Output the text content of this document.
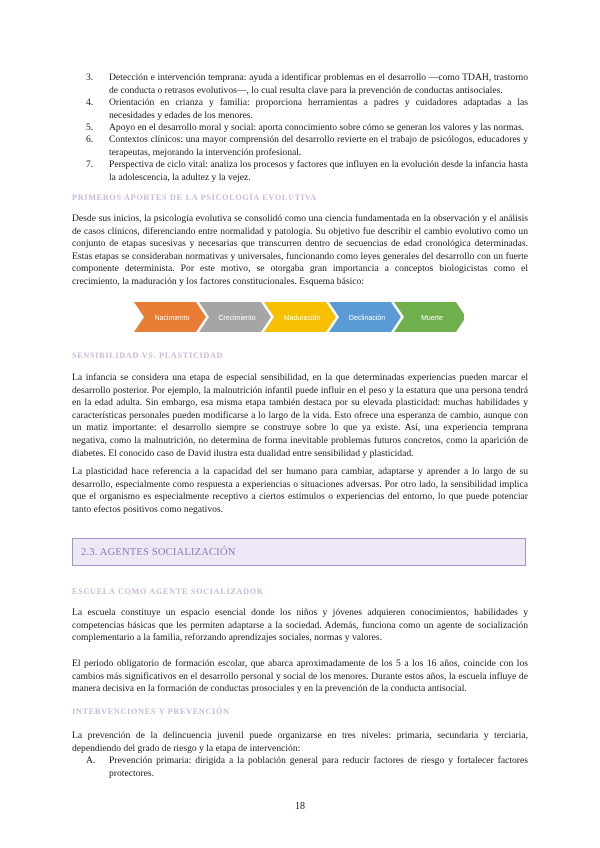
3. Detección e intervención temprana: ayuda a identificar problemas en el desarrollo —como TDAH, trastorno de conducta o retrasos evolutivos—, lo cual resulta clave para la prevención de conductas antisociales.
4. Orientación en crianza y familia: proporciona herramientas a padres y cuidadores adaptadas a las necesidades y edades de los menores.
5. Apoyo en el desarrollo moral y social: aporta conocimiento sobre cómo se generan los valores y las normas.
6. Contextos clínicos: una mayor comprensión del desarrollo revierte en el trabajo de psicólogos, educadores y terapeutas, mejorando la intervención profesional.
7. Perspectiva de ciclo vital: analiza los procesos y factores que influyen en la evolución desde la infancia hasta la adolescencia, la adultez y la vejez.
PRIMEROS APORTES DE LA PSICOLOGÍA EVOLUTIVA

Desde sus inicios, la psicología evolutiva se consolidó como una ciencia fundamentada en la observación y el análisis de casos clínicos, diferenciando entre normalidad y patología. Su objetivo fue describir el cambio evolutivo como un conjunto de etapas sucesivas y necesarias que transcurren dentro de secuencias de edad cronológica determinadas. Estas etapas se consideraban normativas y universales, funcionando como leyes generales del desarrollo con un fuerte componente determinista. Por este motivo, se otorgaba gran importancia a conceptos biologicistas como el crecimiento, la maduración y los factores constitucionales. Esquema básico:

Nacimiento	Crecimiento	Maduración	Declinación	Muerte
SENSIBILIDAD VS. PLASTICIDAD

La infancia se considera una etapa de especial sensibilidad, en la que determinadas experiencias pueden marcar el desarrollo posterior. Por ejemplo, la malnutrición infantil puede influir en el peso y la estatura que una persona tendrá en la edad adulta. Sin embargo, esa misma etapa también destaca por su elevada plasticidad: muchas habilidades y características personales pueden modificarse a lo largo de la vida. Esto ofrece una esperanza de cambio, aunque con un matiz importante: el desarrollo siempre se construye sobre lo que ya existe. Así, una experiencia temprana negativa, como la malnutrición, no determina de forma inevitable problemas futuros concretos, como la aparición de diabetes. El conocido caso de David ilustra esta dualidad entre sensibilidad y plasticidad.

La plasticidad hace referencia a la capacidad del ser humano para cambiar, adaptarse y aprender a lo largo de su desarrollo, especialmente como respuesta a experiencias o situaciones adversas. Por otro lado, la sensibilidad implica que el organismo es especialmente receptivo a ciertos estímulos o experiencias del entorno, lo que puede potenciar tanto efectos positivos como negativos.

2.3. AGENTES SOCIALIZACIÓN
ESCUELA COMO AGENTE SOCIALIZADOR

La escuela constituye un espacio esencial donde los niños y jóvenes adquieren conocimientos, habilidades y competencias básicas que les permiten adaptarse a la sociedad. Además, funciona como un agente de socialización complementario a la familia, reforzando aprendizajes sociales, normas y valores.

El periodo obligatorio de formación escolar, que abarca aproximadamente de los 5 a los 16 años, coincide con los cambios más significativos en el desarrollo personal y social de los menores. Durante estos años, la escuela influye de manera decisiva en la formación de conductas prosociales y en la prevención de la conducta antisocial.

INTERVENCIONES Y PREVENCIÓN

La prevención de la delincuencia juvenil puede organizarse en tres niveles: primaria, secundaria y terciaria, dependiendo del grado de riesgo y la etapa de intervención:

A. Prevención primaria: dirigida a la población general para reducir factores de riesgo y fortalecer factores protectores.
18
